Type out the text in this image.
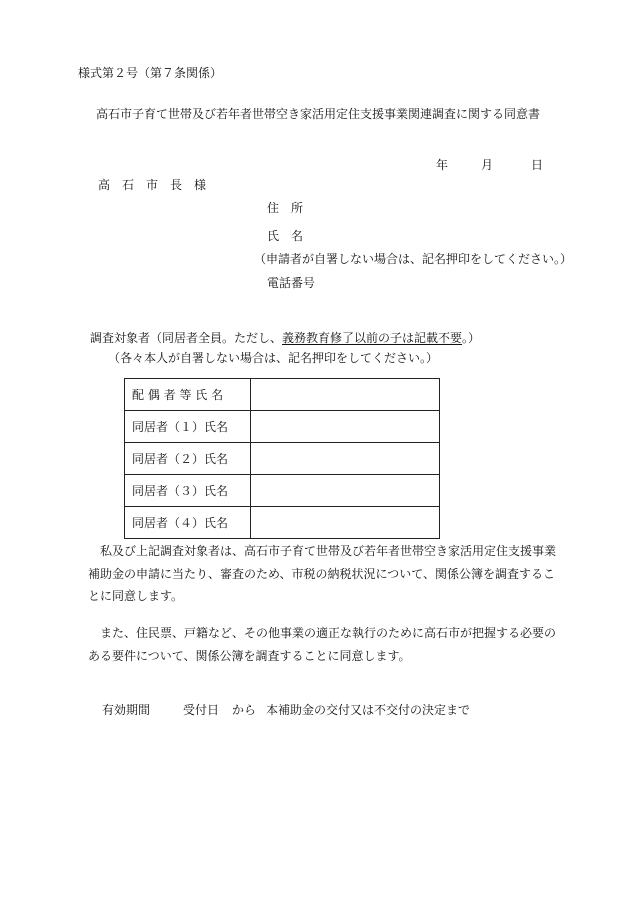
様式第２号（第７条関係）
高石市子育て世帯及び若年者世帯空き家活用定住支援事業関連調査に関する同意書
年	月	日
高　石　市　長　様
住　所
氏　名
（申請者が自署しない場合は、記名押印をしてください。）
電話番号
調査対象者（同居者全員。ただし、義務教育修了以前の子は記載不要。）
（各々本人が自署しない場合は、記名押印をしてください。）
配 偶 者 等 氏 名	
同居者（１）氏名	
同居者（２）氏名	
同居者（３）氏名	
同居者（４）氏名	
私及び上記調査対象者は、高石市子育て世帯及び若年者世帯空き家活用定住支援事業補助金の申請に当たり、審査のため、市税の納税状況について、関係公簿を調査することに同意します。
また、住民票、戸籍など、その他事業の適正な執行のために高石市が把握する必要のある要件について、関係公簿を調査することに同意します。
有効期間	受付日 から 本補助金の交付又は不交付の決定まで
